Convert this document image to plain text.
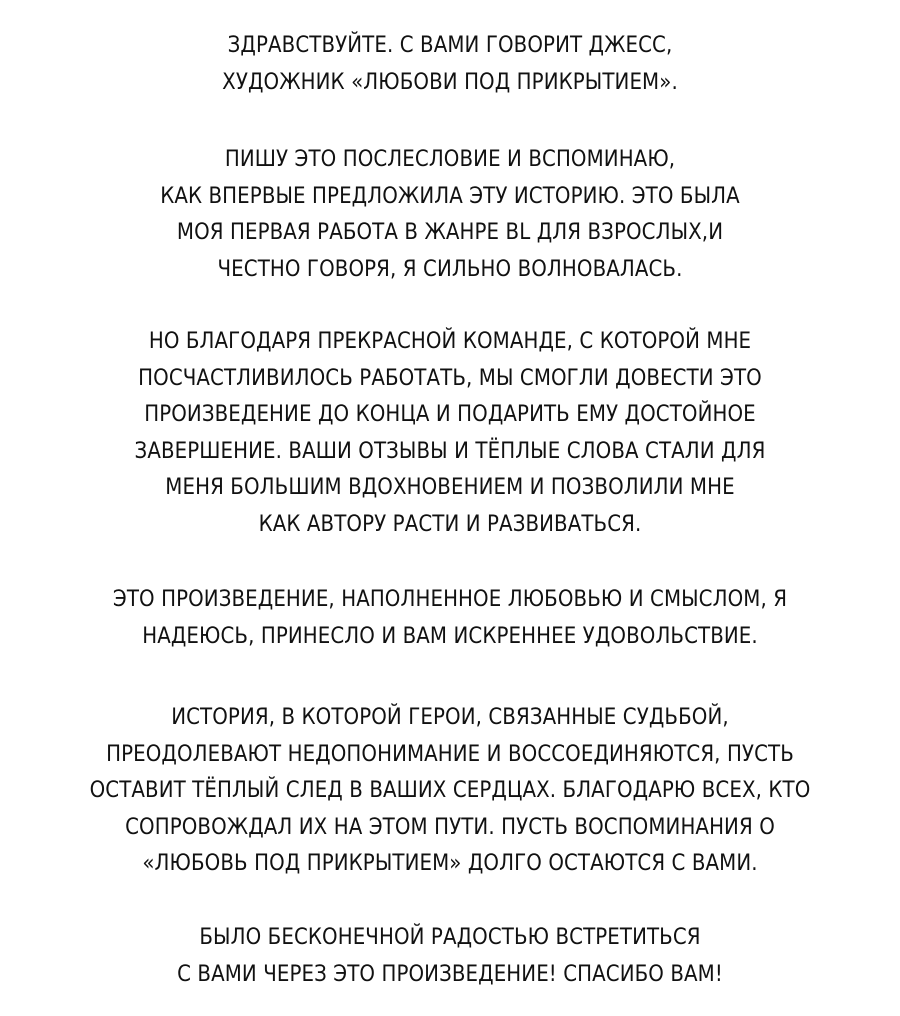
ЗДРАВСТВУЙТЕ. С ВАМИ ГОВОРИТ ДЖЕСС,
ХУДОЖНИК «ЛЮБОВИ ПОД ПРИКРЫТИЕМ».

ПИШУ ЭТО ПОСЛЕСЛОВИЕ И ВСПОМИНАЮ,
КАК ВПЕРВЫЕ ПРЕДЛОЖИЛА ЭТУ ИСТОРИЮ. ЭТО БЫЛА
МОЯ ПЕРВАЯ РАБОТА В ЖАНРЕ BL ДЛЯ ВЗРОСЛЫХ,И
ЧЕСТНО ГОВОРЯ, Я СИЛЬНО ВОЛНОВАЛАСЬ.

НО БЛАГОДАРЯ ПРЕКРАСНОЙ КОМАНДЕ, С КОТОРОЙ МНЕ
ПОСЧАСТЛИВИЛОСЬ РАБОТАТЬ, МЫ СМОГЛИ ДОВЕСТИ ЭТО
ПРОИЗВЕДЕНИЕ ДО КОНЦА И ПОДАРИТЬ ЕМУ ДОСТОЙНОЕ
ЗАВЕРШЕНИЕ. ВАШИ ОТЗЫВЫ И ТЁПЛЫЕ СЛОВА СТАЛИ ДЛЯ
МЕНЯ БОЛЬШИМ ВДОХНОВЕНИЕМ И ПОЗВОЛИЛИ МНЕ
КАК АВТОРУ РАСТИ И РАЗВИВАТЬСЯ.

ЭТО ПРОИЗВЕДЕНИЕ, НАПОЛНЕННОЕ ЛЮБОВЬЮ И СМЫСЛОМ, Я
НАДЕЮСЬ, ПРИНЕСЛО И ВАМ ИСКРЕННЕЕ УДОВОЛЬСТВИЕ.

ИСТОРИЯ, В КОТОРОЙ ГЕРОИ, СВЯЗАННЫЕ СУДЬБОЙ,
ПРЕОДОЛЕВАЮТ НЕДОПОНИМАНИЕ И ВОССОЕДИНЯЮТСЯ, ПУСТЬ
ОСТАВИТ ТЁПЛЫЙ СЛЕД В ВАШИХ СЕРДЦАХ. БЛАГОДАРЮ ВСЕХ, КТО
СОПРОВОЖДАЛ ИХ НА ЭТОМ ПУТИ. ПУСТЬ ВОСПОМИНАНИЯ О
«ЛЮБОВЬ ПОД ПРИКРЫТИЕМ» ДОЛГО ОСТАЮТСЯ С ВАМИ.

БЫЛО БЕСКОНЕЧНОЙ РАДОСТЬЮ ВСТРЕТИТЬСЯ
С ВАМИ ЧЕРЕЗ ЭТО ПРОИЗВЕДЕНИЕ! СПАСИБО ВАМ!
